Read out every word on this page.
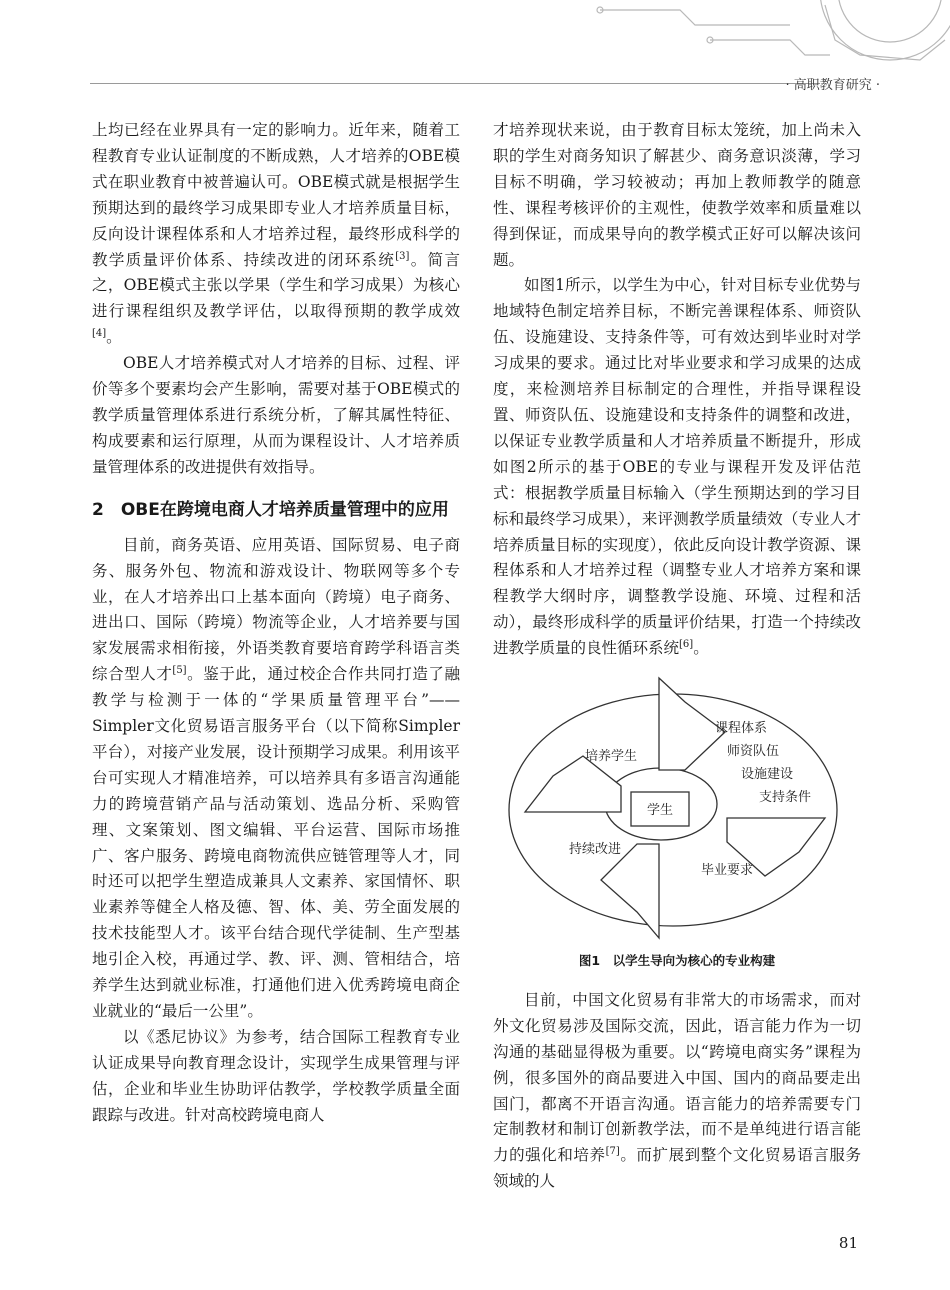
· 高职教育研究 ·

上均已经在业界具有一定的影响力。近年来，随着工程教育专业认证制度的不断成熟，人才培养的OBE模式在职业教育中被普遍认可。OBE模式就是根据学生预期达到的最终学习成果即专业人才培养质量目标，反向设计课程体系和人才培养过程，最终形成科学的教学质量评价体系、持续改进的闭环系统[3]。简言之，OBE模式主张以学果（学生和学习成果）为核心进行课程组织及教学评估，以取得预期的教学成效[4]。

OBE人才培养模式对人才培养的目标、过程、评价等多个要素均会产生影响，需要对基于OBE模式的教学质量管理体系进行系统分析，了解其属性特征、构成要素和运行原理，从而为课程设计、人才培养质量管理体系的改进提供有效指导。

2　OBE在跨境电商人才培养质量管理中的应用

目前，商务英语、应用英语、国际贸易、电子商务、服务外包、物流和游戏设计、物联网等多个专业，在人才培养出口上基本面向（跨境）电子商务、进出口、国际（跨境）物流等企业，人才培养要与国家发展需求相衔接，外语类教育要培育跨学科语言类综合型人才[5]。鉴于此，通过校企合作共同打造了融教学与检测于一体的“学果质量管理平台”——Simpler文化贸易语言服务平台（以下简称Simpler平台），对接产业发展，设计预期学习成果。利用该平台可实现人才精准培养，可以培养具有多语言沟通能力的跨境营销产品与活动策划、选品分析、采购管理、文案策划、图文编辑、平台运营、国际市场推广、客户服务、跨境电商物流供应链管理等人才，同时还可以把学生塑造成兼具人文素养、家国情怀、职业素养等健全人格及德、智、体、美、劳全面发展的技术技能型人才。该平台结合现代学徒制、生产型基地引企入校，再通过学、教、评、测、管相结合，培养学生达到就业标准，打通他们进入优秀跨境电商企业就业的“最后一公里”。

以《悉尼协议》为参考，结合国际工程教育专业认证成果导向教育理念设计，实现学生成果管理与评估，企业和毕业生协助评估教学，学校教学质量全面跟踪与改进。针对高校跨境电商人

才培养现状来说，由于教育目标太笼统，加上尚未入职的学生对商务知识了解甚少、商务意识淡薄，学习目标不明确，学习较被动；再加上教师教学的随意性、课程考核评价的主观性，使教学效率和质量难以得到保证，而成果导向的教学模式正好可以解决该问题。

如图1所示，以学生为中心，针对目标专业优势与地域特色制定培养目标，不断完善课程体系、师资队伍、设施建设、支持条件等，可有效达到毕业时对学习成果的要求。通过比对毕业要求和学习成果的达成度，来检测培养目标制定的合理性，并指导课程设置、师资队伍、设施建设和支持条件的调整和改进，以保证专业教学质量和人才培养质量不断提升，形成如图2所示的基于OBE的专业与课程开发及评估范式：根据教学质量目标输入（学生预期达到的学习目标和最终学习成果），来评测教学质量绩效（专业人才培养质量目标的实现度），依此反向设计教学资源、课程体系和人才培养过程（调整专业人才培养方案和课程教学大纲时序，调整教学设施、环境、过程和活动），最终形成科学的质量评价结果，打造一个持续改进教学质量的良性循环系统[6]。

学生
培养学生
课程体系
师资队伍
设施建设
支持条件
持续改进
毕业要求
图1　以学生导向为核心的专业构建

目前，中国文化贸易有非常大的市场需求，而对外文化贸易涉及国际交流，因此，语言能力作为一切沟通的基础显得极为重要。以“跨境电商实务”课程为例，很多国外的商品要进入中国、国内的商品要走出国门，都离不开语言沟通。语言能力的培养需要专门定制教材和制订创新教学法，而不是单纯进行语言能力的强化和培养[7]。而扩展到整个文化贸易语言服务领域的人

81
